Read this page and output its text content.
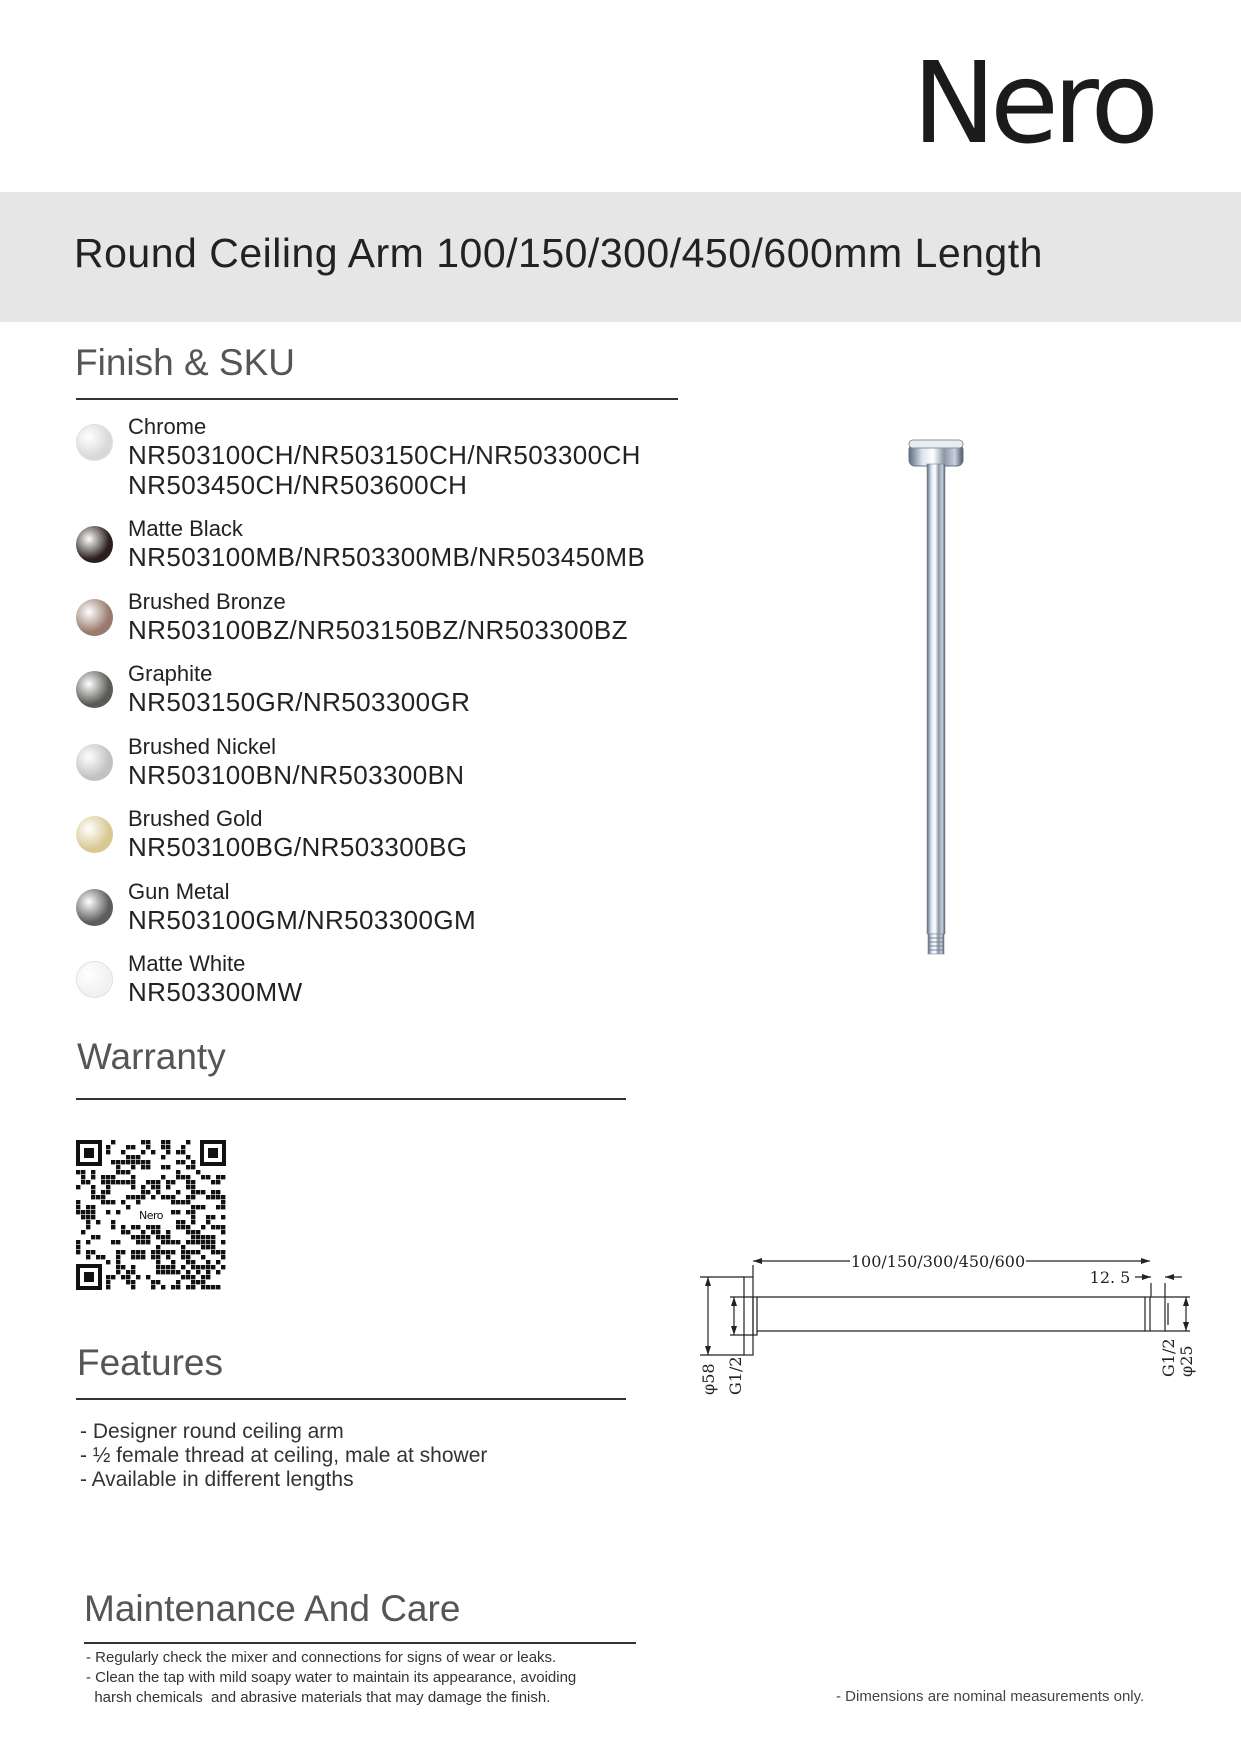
Nero
Round Ceiling Arm 100/150/300/450/600mm Length
Finish & SKU
Chrome
NR503100CH/NR503150CH/NR503300CH
NR503450CH/NR503600CH
Matte Black
NR503100MB/NR503300MB/NR503450MB
Brushed Bronze
NR503100BZ/NR503150BZ/NR503300BZ
Graphite
NR503150GR/NR503300GR
Brushed Nickel
NR503100BN/NR503300BN
Brushed Gold
NR503100BG/NR503300BG
Gun Metal
NR503100GM/NR503300GM
Matte White
NR503300MW
Warranty
Nero
Features
- Designer round ceiling arm
- ½ female thread at ceiling, male at shower
- Available in different lengths
100/150/300/450/600
12. 5
φ58 G1/2	G1/2 φ25
Maintenance And Care
- Regularly check the mixer and connections for signs of wear or leaks.
- Clean the tap with mild soapy water to maintain its appearance, avoiding
harsh chemicals  and abrasive materials that may damage the finish.	- Dimensions are nominal measurements only.
